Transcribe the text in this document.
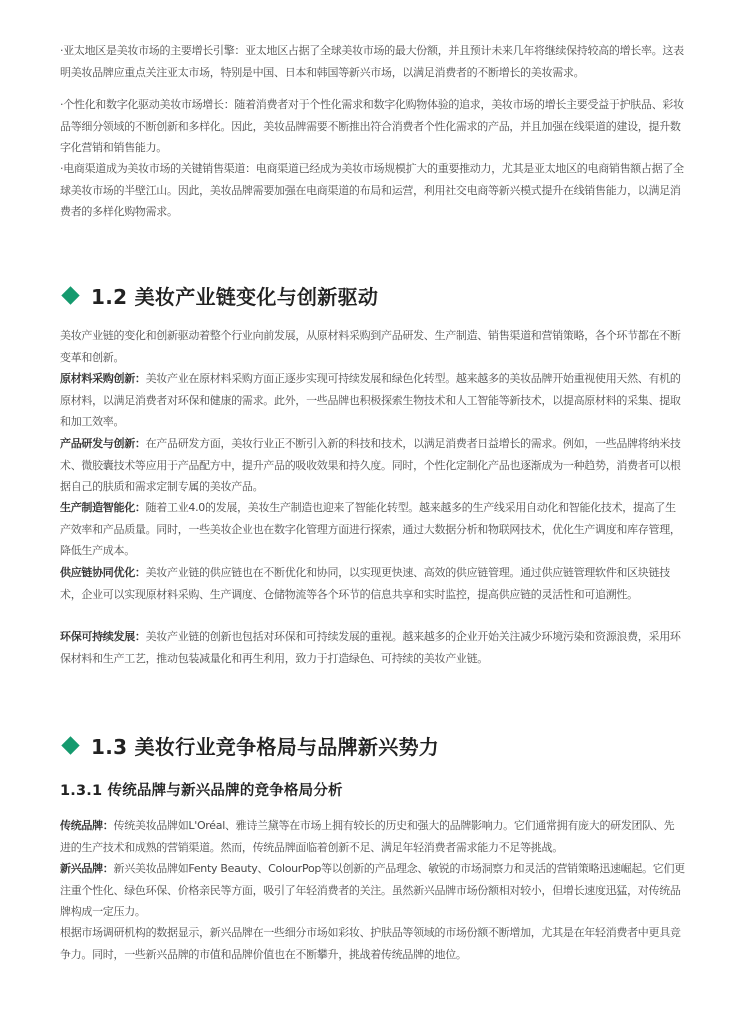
·亚太地区是美妆市场的主要增长引擎：亚太地区占据了全球美妆市场的最大份额，并且预计未来几年将继续保持较高的增长率。这表明美妆品牌应重点关注亚太市场，特别是中国、日本和韩国等新兴市场，以满足消费者的不断增长的美妆需求。

·个性化和数字化驱动美妆市场增长：随着消费者对于个性化需求和数字化购物体验的追求，美妆市场的增长主要受益于护肤品、彩妆品等细分领域的不断创新和多样化。因此，美妆品牌需要不断推出符合消费者个性化需求的产品，并且加强在线渠道的建设，提升数字化营销和销售能力。

·电商渠道成为美妆市场的关键销售渠道：电商渠道已经成为美妆市场规模扩大的重要推动力，尤其是亚太地区的电商销售额占据了全球美妆市场的半壁江山。因此，美妆品牌需要加强在电商渠道的布局和运营，利用社交电商等新兴模式提升在线销售能力，以满足消费者的多样化购物需求。

1.2 美妆产业链变化与创新驱动

美妆产业链的变化和创新驱动着整个行业向前发展，从原材料采购到产品研发、生产制造、销售渠道和营销策略，各个环节都在不断变革和创新。

原材料采购创新：美妆产业在原材料采购方面正逐步实现可持续发展和绿色化转型。越来越多的美妆品牌开始重视使用天然、有机的原材料，以满足消费者对环保和健康的需求。此外，一些品牌也积极探索生物技术和人工智能等新技术，以提高原材料的采集、提取和加工效率。

产品研发与创新：在产品研发方面，美妆行业正不断引入新的科技和技术，以满足消费者日益增长的需求。例如，一些品牌将纳米技术、微胶囊技术等应用于产品配方中，提升产品的吸收效果和持久度。同时，个性化定制化产品也逐渐成为一种趋势，消费者可以根据自己的肤质和需求定制专属的美妆产品。

生产制造智能化：随着工业4.0的发展，美妆生产制造也迎来了智能化转型。越来越多的生产线采用自动化和智能化技术，提高了生产效率和产品质量。同时，一些美妆企业也在数字化管理方面进行探索，通过大数据分析和物联网技术，优化生产调度和库存管理，降低生产成本。

供应链协同优化：美妆产业链的供应链也在不断优化和协同，以实现更快速、高效的供应链管理。通过供应链管理软件和区块链技术，企业可以实现原材料采购、生产调度、仓储物流等各个环节的信息共享和实时监控，提高供应链的灵活性和可追溯性。

环保可持续发展：美妆产业链的创新也包括对环保和可持续发展的重视。越来越多的企业开始关注减少环境污染和资源浪费，采用环保材料和生产工艺，推动包装减量化和再生利用，致力于打造绿色、可持续的美妆产业链。

1.3 美妆行业竞争格局与品牌新兴势力
1.3.1 传统品牌与新兴品牌的竞争格局分析

传统品牌：传统美妆品牌如L'Oréal、雅诗兰黛等在市场上拥有较长的历史和强大的品牌影响力。它们通常拥有庞大的研发团队、先进的生产技术和成熟的营销渠道。然而，传统品牌面临着创新不足、满足年轻消费者需求能力不足等挑战。

新兴品牌：新兴美妆品牌如Fenty Beauty、ColourPop等以创新的产品理念、敏锐的市场洞察力和灵活的营销策略迅速崛起。它们更注重个性化、绿色环保、价格亲民等方面，吸引了年轻消费者的关注。虽然新兴品牌市场份额相对较小，但增长速度迅猛，对传统品牌构成一定压力。

根据市场调研机构的数据显示，新兴品牌在一些细分市场如彩妆、护肤品等领域的市场份额不断增加，尤其是在年轻消费者中更具竞争力。同时，一些新兴品牌的市值和品牌价值也在不断攀升，挑战着传统品牌的地位。
